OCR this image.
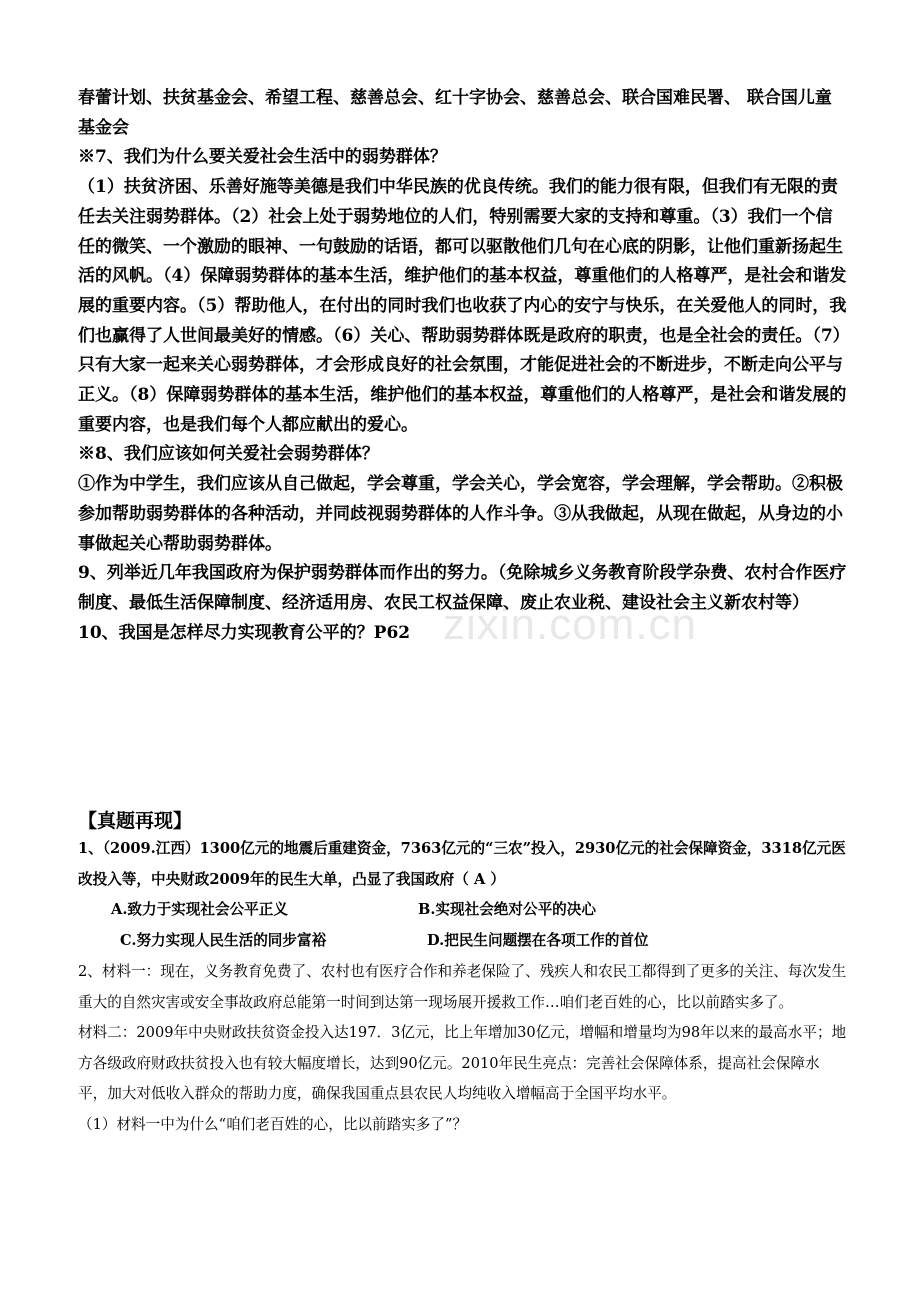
zixin.com.cn

春蕾计划、扶贫基金会、希望工程、慈善总会、红十字协会、慈善总会、联合国难民署、 联合国儿童基金会

※7、我们为什么要关爱社会生活中的弱势群体？

（1）扶贫济困、乐善好施等美德是我们中华民族的优良传统。我们的能力很有限，但我们有无限的责任去关注弱势群体。（2）社会上处于弱势地位的人们，特别需要大家的支持和尊重。（3）我们一个信任的微笑、一个激励的眼神、一句鼓励的话语，都可以驱散他们几句在心底的阴影，让他们重新扬起生活的风帆。（4）保障弱势群体的基本生活，维护他们的基本权益，尊重他们的人格尊严，是社会和谐发展的重要内容。（5）帮助他人，在付出的同时我们也收获了内心的安宁与快乐，在关爱他人的同时，我们也赢得了人世间最美好的情感。（6）关心、帮助弱势群体既是政府的职责，也是全社会的责任。（7）只有大家一起来关心弱势群体，才会形成良好的社会氛围，才能促进社会的不断进步，不断走向公平与正义。（8）保障弱势群体的基本生活，维护他们的基本权益，尊重他们的人格尊严，是社会和谐发展的重要内容，也是我们每个人都应献出的爱心。

※8、我们应该如何关爱社会弱势群体？

①作为中学生，我们应该从自己做起，学会尊重，学会关心，学会宽容，学会理解，学会帮助。②积极参加帮助弱势群体的各种活动，并同歧视弱势群体的人作斗争。③从我做起，从现在做起，从身边的小事做起关心帮助弱势群体。

9、列举近几年我国政府为保护弱势群体而作出的努力。（免除城乡义务教育阶段学杂费、农村合作医疗制度、最低生活保障制度、经济适用房、农民工权益保障、废止农业税、建设社会主义新农村等）

10、我国是怎样尽力实现教育公平的？P62

【真题再现】

1、（2009.江西）1300亿元的地震后重建资金，7363亿元的“三农”投入，2930亿元的社会保障资金，3318亿元医改投入等，中央财政2009年的民生大单，凸显了我国政府（ A ）

A.致力于实现社会公平正义	B.实现社会绝对公平的决心
C.努力实现人民生活的同步富裕	D.把民生问题摆在各项工作的首位

2、材料一：现在，义务教育免费了、农村也有医疗合作和养老保险了、残疾人和农民工都得到了更多的关注、每次发生重大的自然灾害或安全事故政府总能第一时间到达第一现场展开援救工作…咱们老百姓的心，比以前踏实多了。

材料二：2009年中央财政扶贫资金投入达197．3亿元，比上年增加30亿元，增幅和增量均为98年以来的最高水平；地方各级政府财政扶贫投入也有较大幅度增长，达到90亿元。2010年民生亮点：完善社会保障体系，提高社会保障水平，加大对低收入群众的帮助力度，确保我国重点县农民人均纯收入增幅高于全国平均水平。

（1）材料一中为什么“咱们老百姓的心，比以前踏实多了”？
